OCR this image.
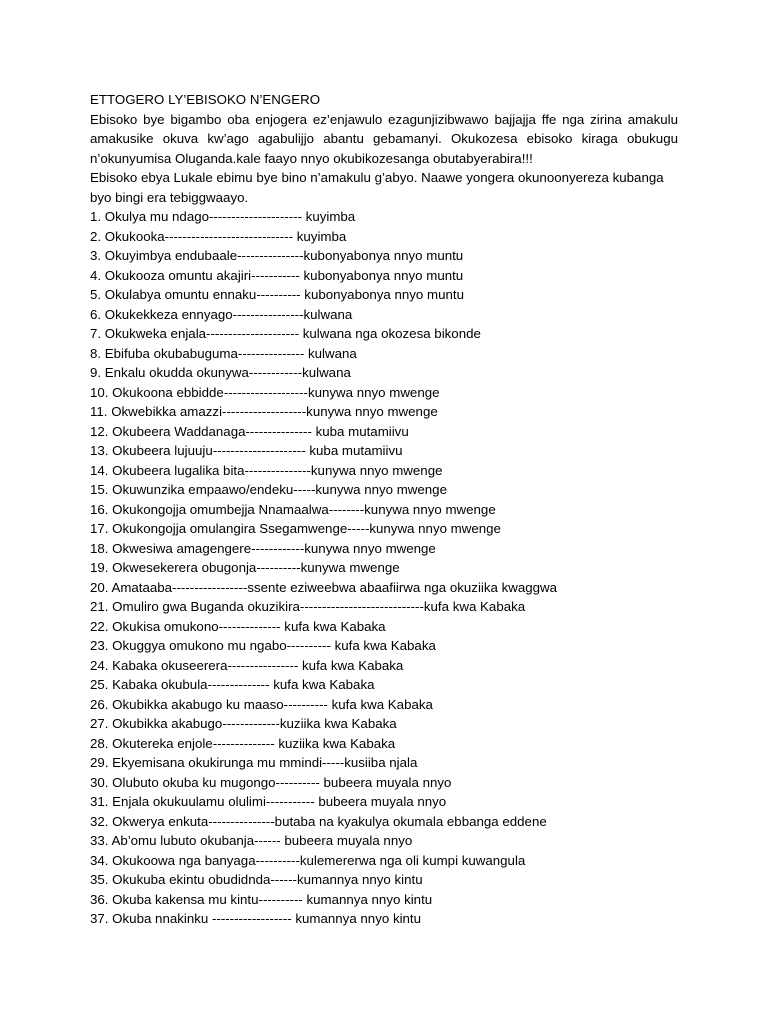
ETTOGERO LY’EBISOKO N’ENGERO

Ebisoko bye bigambo oba enjogera ez’enjawulo ezagunjizibwawo bajjajja ffe nga zirina amakulu amakusike okuva kw’ago agabulijjo abantu gebamanyi. Okukozesa ebisoko kiraga obukugu n’okunyumisa Oluganda.kale faayo nnyo okubikozesanga obutabyerabira!!!

Ebisoko ebya Lukale ebimu bye bino n’amakulu g’abyo. Naawe yongera okunoonyereza kubanga byo bingi era tebiggwaayo.

1. Okulya mu ndago--------------------- kuyimba
2. Okukooka----------------------------- kuyimba
3. Okuyimbya endubaale---------------kubonyabonya nnyo muntu
4. Okukooza omuntu akajiri----------- kubonyabonya nnyo muntu
5. Okulabya omuntu ennaku---------- kubonyabonya nnyo muntu
6. Okukekkeza ennyago----------------kulwana
7. Okukweka enjala--------------------- kulwana nga okozesa bikonde
8. Ebifuba okubabuguma--------------- kulwana
9. Enkalu okudda okunywa------------kulwana
10. Okukoona ebbidde-------------------kunywa nnyo mwenge
11. Okwebikka amazzi-------------------kunywa nnyo mwenge
12. Okubeera Waddanaga--------------- kuba mutamiivu
13. Okubeera lujuuju--------------------- kuba mutamiivu
14. Okubeera lugalika bita---------------kunywa nnyo mwenge
15. Okuwunzika empaawo/endeku-----kunywa nnyo mwenge
16. Okukongojja omumbejja Nnamaalwa--------kunywa nnyo mwenge
17. Okukongojja omulangira Ssegamwenge-----kunywa nnyo mwenge
18. Okwesiwa amagengere------------kunywa nnyo mwenge
19. Okwesekerera obugonja----------kunywa mwenge
20. Amataaba-----------------ssente eziweebwa abaafiirwa nga okuziika kwaggwa
21. Omuliro gwa Buganda okuzikira----------------------------kufa kwa Kabaka
22. Okukisa omukono-------------- kufa kwa Kabaka
23. Okuggya omukono mu ngabo---------- kufa kwa Kabaka
24. Kabaka okuseerera---------------- kufa kwa Kabaka
25. Kabaka okubula-------------- kufa kwa Kabaka
26. Okubikka akabugo ku maaso---------- kufa kwa Kabaka
27. Okubikka akabugo-------------kuziika kwa Kabaka
28. Okutereka enjole-------------- kuziika kwa Kabaka
29. Ekyemisana okukirunga mu mmindi-----kusiiba njala
30. Olubuto okuba ku mugongo---------- bubeera muyala nnyo
31. Enjala okukuulamu olulimi----------- bubeera muyala nnyo
32. Okwerya enkuta---------------butaba na kyakulya okumala ebbanga eddene
33. Ab’omu lubuto okubanja------ bubeera muyala nnyo
34. Okukoowa nga banyaga----------kulemererwa nga oli kumpi kuwangula
35. Okukuba ekintu obudidnda------kumannya nnyo kintu
36. Okuba kakensa mu kintu---------- kumannya nnyo kintu
37. Okuba nnakinku ------------------ kumannya nnyo kintu
